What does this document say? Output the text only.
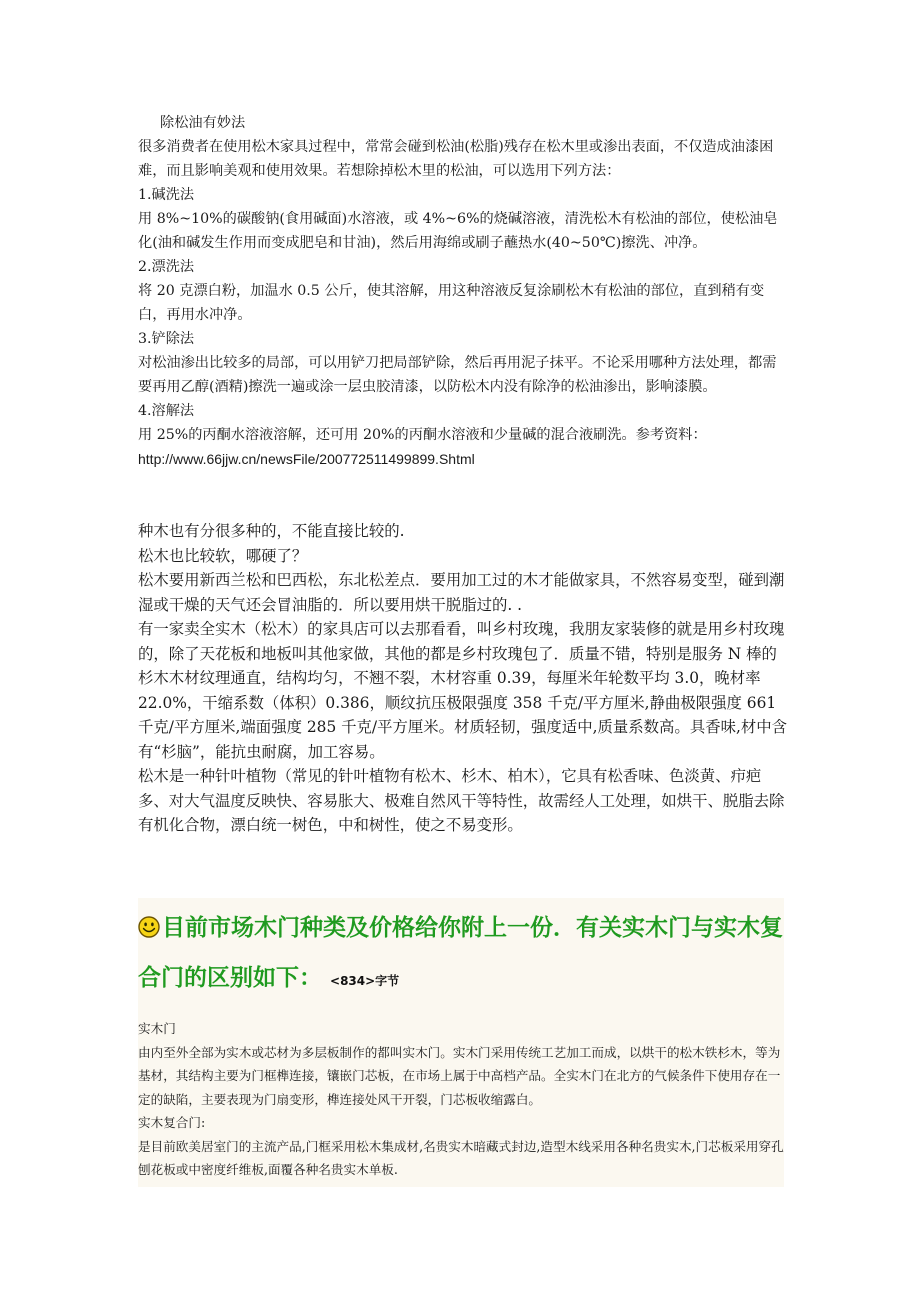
除松油有妙法

很多消费者在使用松木家具过程中，常常会碰到松油(松脂)残存在松木里或渗出表面，不仅造成油漆困难，而且影响美观和使用效果。若想除掉松木里的松油，可以选用下列方法：

1.碱洗法

用 8%~10%的碳酸钠(食用碱面)水溶液，或 4%~6%的烧碱溶液，清洗松木有松油的部位，使松油皂化(油和碱发生作用而变成肥皂和甘油)，然后用海绵或刷子蘸热水(40~50℃)擦洗、冲净。

2.漂洗法

将 20 克漂白粉，加温水 0.5 公斤，使其溶解，用这种溶液反复涂刷松木有松油的部位，直到稍有变白，再用水冲净。

3.铲除法

对松油渗出比较多的局部，可以用铲刀把局部铲除，然后再用泥子抹平。不论采用哪种方法处理，都需要再用乙醇(酒精)擦洗一遍或涂一层虫胶清漆，以防松木内没有除净的松油渗出，影响漆膜。

4.溶解法

用 25%的丙酮水溶液溶解，还可用 20%的丙酮水溶液和少量碱的混合液刷洗。参考资料：

http://www.66jjw.cn/newsFile/200772511499899.Shtml

种木也有分很多种的，不能直接比较的.

松木也比较软，哪硬了？

松木要用新西兰松和巴西松，东北松差点．要用加工过的木才能做家具，不然容易变型，碰到潮湿或干燥的天气还会冒油脂的．所以要用烘干脱脂过的. .

有一家卖全实木（松木）的家具店可以去那看看，叫乡村玫瑰，我朋友家装修的就是用乡村玫瑰的，除了天花板和地板叫其他家做，其他的都是乡村玫瑰包了．质量不错，特别是服务 N 棒的

杉木木材纹理通直，结构均匀，不翘不裂，木材容重 0.39，每厘米年轮数平均 3.0，晚材率 22.0%，干缩系数（体积）0.386，顺纹抗压极限强度 358 千克/平方厘米,静曲极限强度 661 千克/平方厘米,端面强度 285 千克/平方厘米。材质轻韧，强度适中,质量系数高。具香味,材中含有“杉脑”，能抗虫耐腐，加工容易。

松木是一种针叶植物（常见的针叶植物有松木、杉木、柏木），它具有松香味、色淡黄、疖疤多、对大气温度反映快、容易胀大、极难自然风干等特性，故需经人工处理，如烘干、脱脂去除有机化合物，漂白统一树色，中和树性，使之不易变形。

目前市场木门种类及价格给你附上一份．有关实木门与实木复合门的区别如下： <834>字节

实木门

由内至外全部为实木或芯材为多层板制作的都叫实木门。实木门采用传统工艺加工而成，以烘干的松木铁杉木，等为基材，其结构主要为门框榫连接，镶嵌门芯板，在市场上属于中高档产品。全实木门在北方的气候条件下使用存在一定的缺陷，主要表现为门扇变形，榫连接处风干开裂，门芯板收缩露白。

实木复合门:

是目前欧美居室门的主流产品,门框采用松木集成材,名贵实木暗藏式封边,造型木线采用各种名贵实木,门芯板采用穿孔刨花板或中密度纤维板,面覆各种名贵实木单板.
